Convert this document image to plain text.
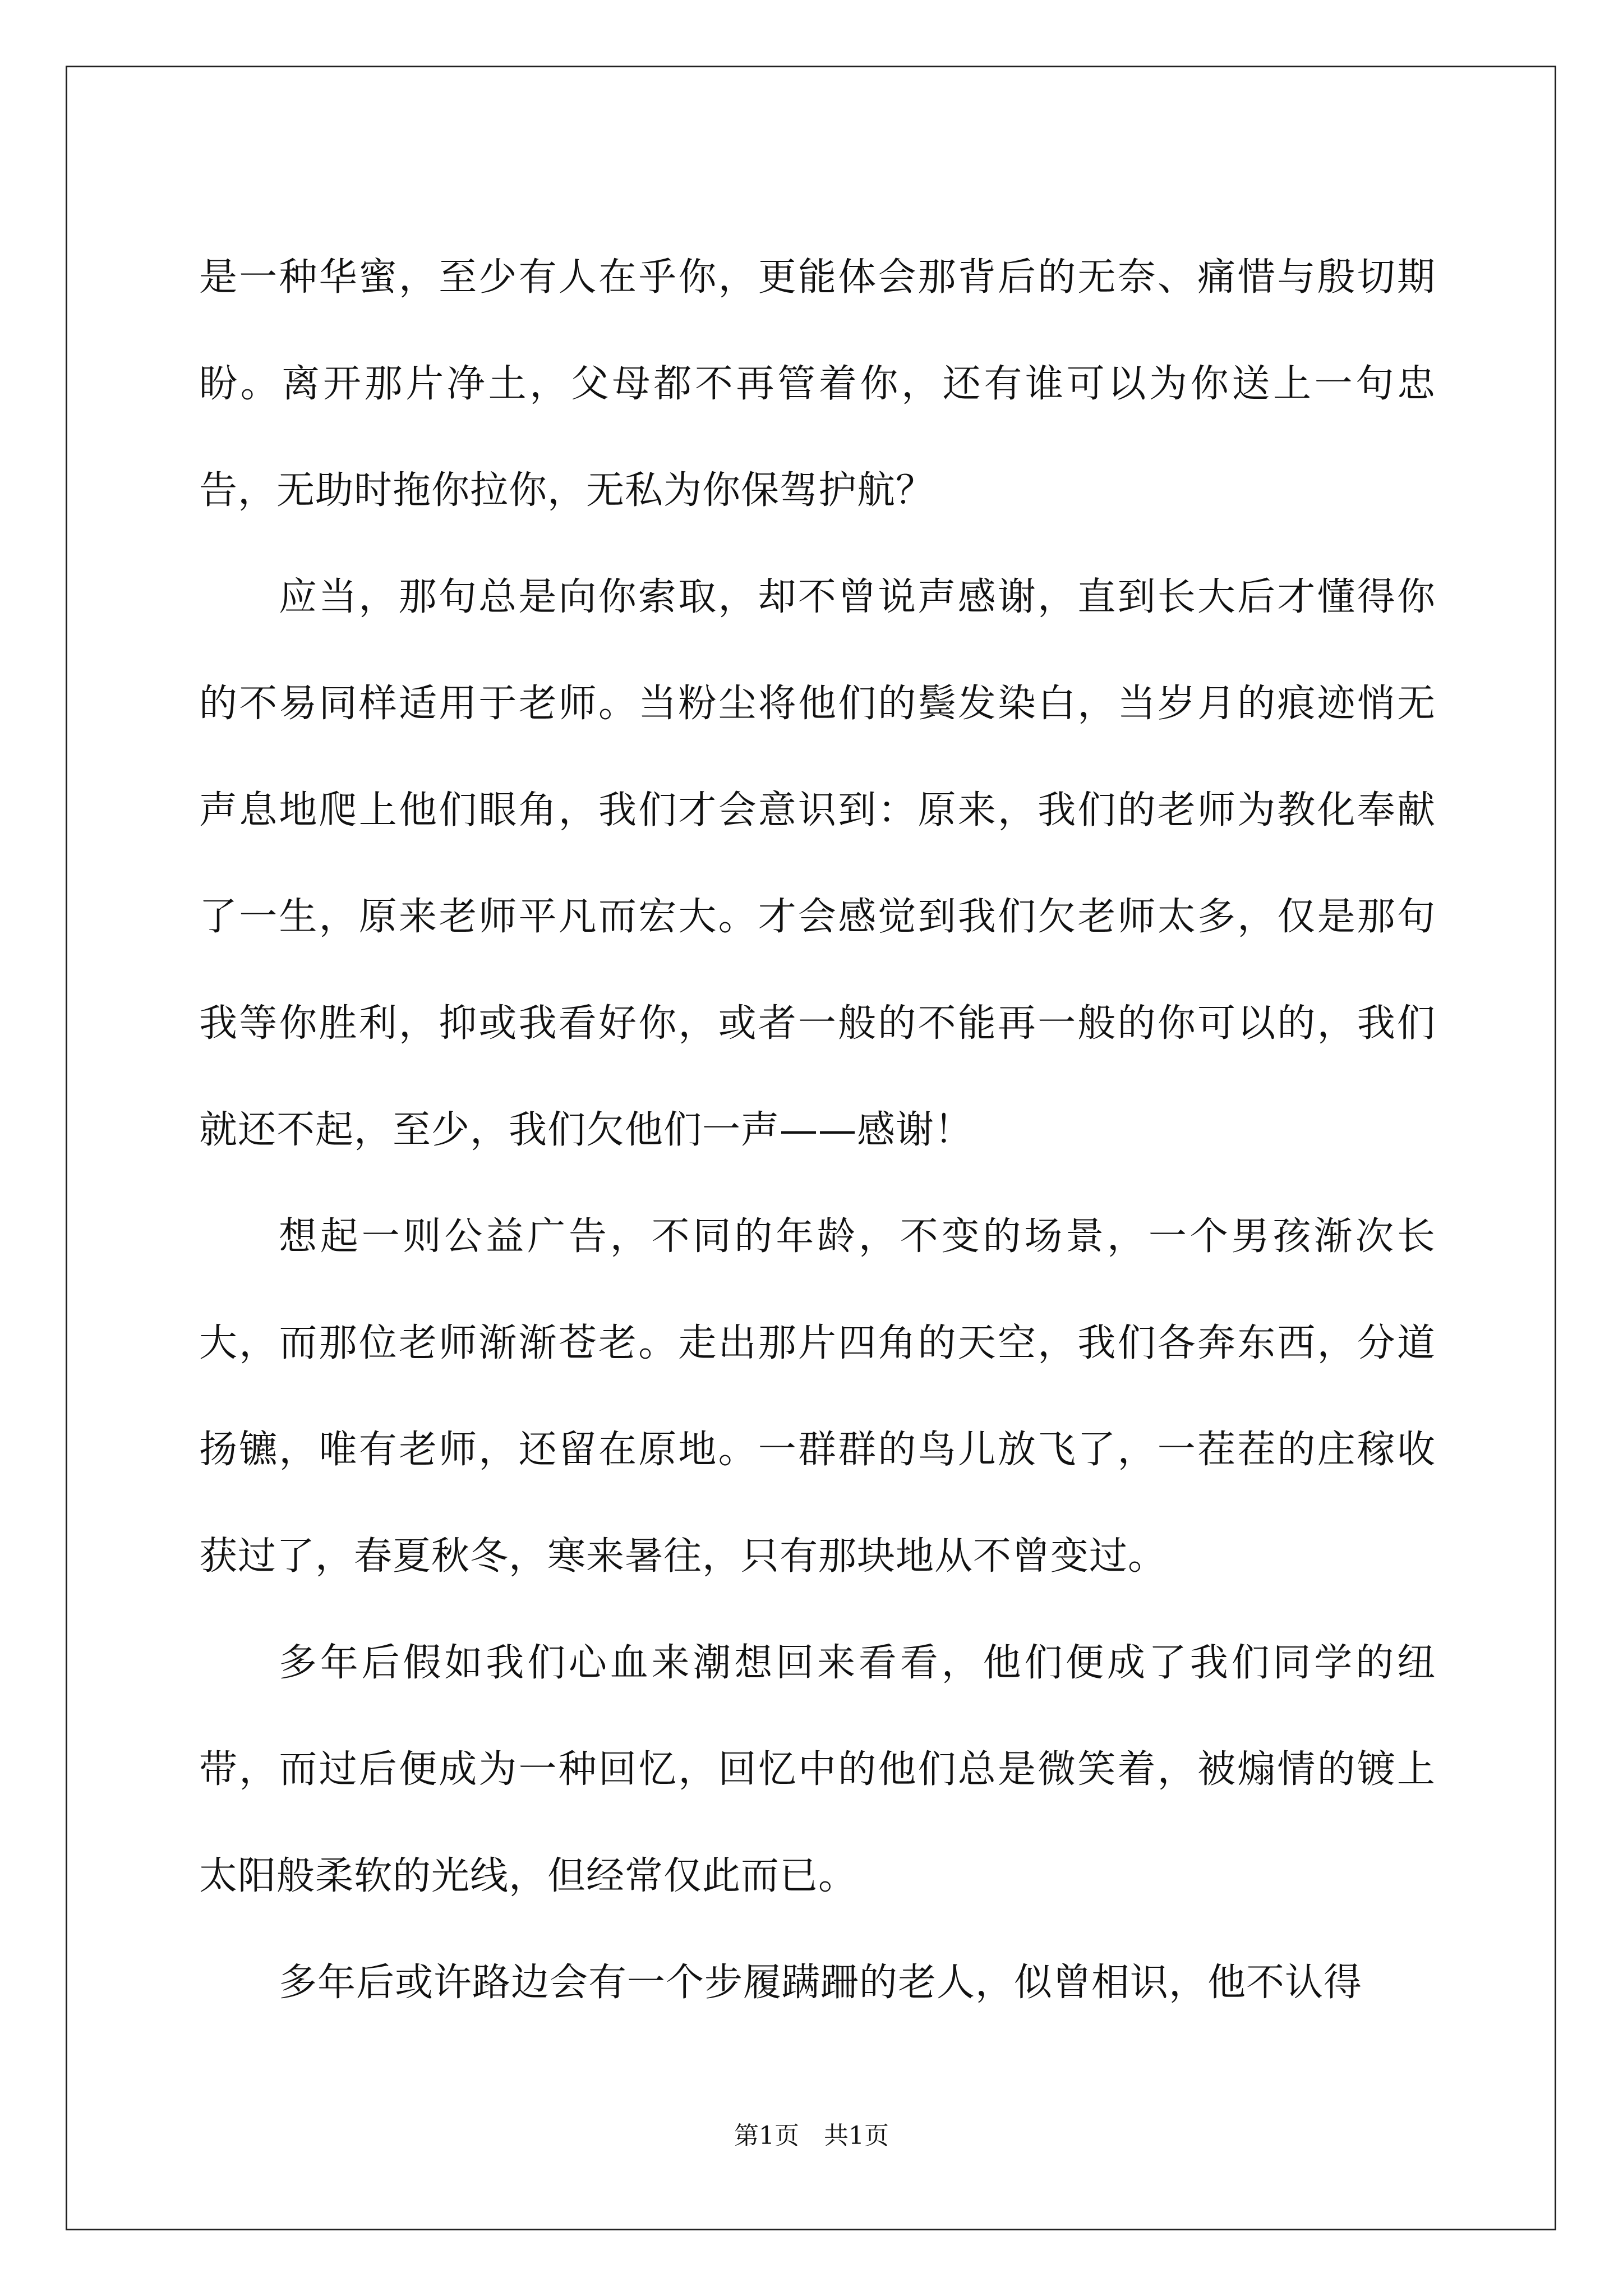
是一种华蜜，至少有人在乎你，更能体会那背后的无奈、痛惜与殷切期盼。离开那片净土，父母都不再管着你，还有谁可以为你送上一句忠告，无助时拖你拉你，无私为你保驾护航？

应当，那句总是向你索取，却不曾说声感谢，直到长大后才懂得你的不易同样适用于老师。当粉尘将他们的鬓发染白，当岁月的痕迹悄无声息地爬上他们眼角，我们才会意识到：原来，我们的老师为教化奉献了一生，原来老师平凡而宏大。才会感觉到我们欠老师太多，仅是那句我等你胜利，抑或我看好你，或者一般的不能再一般的你可以的，我们就还不起，至少，我们欠他们一声——感谢！

想起一则公益广告，不同的年龄，不变的场景，一个男孩渐次长大，而那位老师渐渐苍老。走出那片四角的天空，我们各奔东西，分道扬镳，唯有老师，还留在原地。一群群的鸟儿放飞了，一茬茬的庄稼收获过了，春夏秋冬，寒来暑往，只有那块地从不曾变过。

多年后假如我们心血来潮想回来看看，他们便成了我们同学的纽带，而过后便成为一种回忆，回忆中的他们总是微笑着，被煽情的镀上太阳般柔软的光线，但经常仅此而已。

多年后或许路边会有一个步履蹒跚的老人，似曾相识，他不认得

第1页　共1页
